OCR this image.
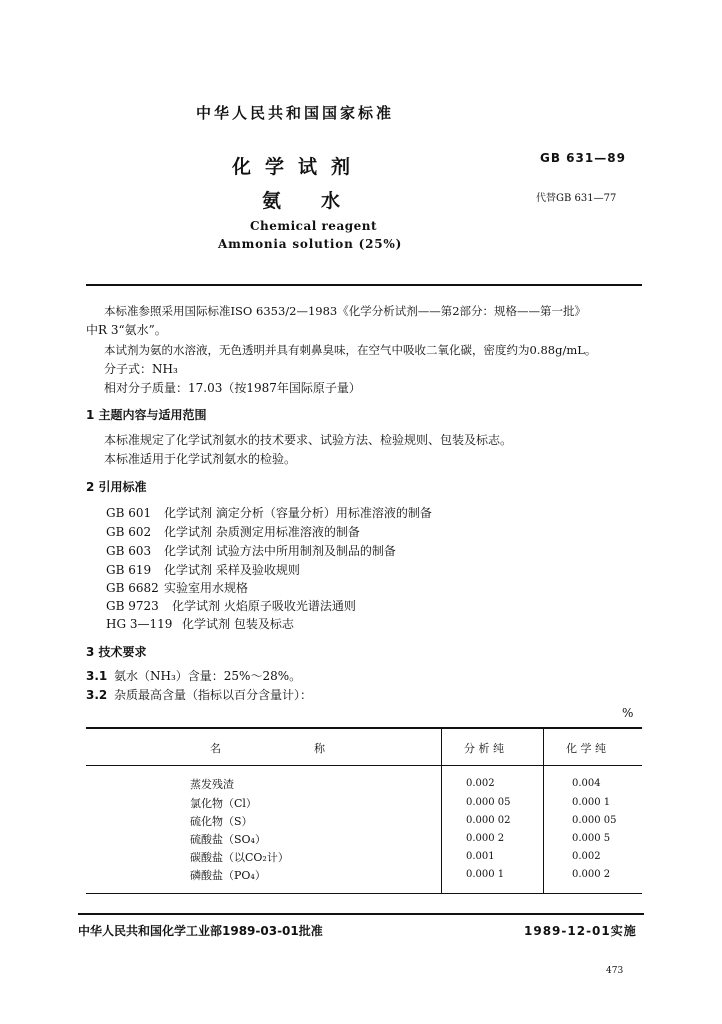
中华人民共和国国家标准
化学试剂
氨水
Chemical reagent
Ammonia solution (25%)
GB 631—89
代替GB 631—77
本标准参照采用国际标准ISO 6353/2—1983《化学分析试剂——第2部分：规格——第一批》
中R 3“氨水”。
本试剂为氨的水溶液，无色透明并具有刺鼻臭味，在空气中吸收二氧化碳，密度约为0.88g/mL。
分子式：NH₃
相对分子质量：17.03（按1987年国际原子量）
1 主题内容与适用范围
本标准规定了化学试剂氨水的技术要求、试验方法、检验规则、包装及标志。
本标准适用于化学试剂氨水的检验。
2 引用标准
GB 601 化学试剂 滴定分析（容量分析）用标准溶液的制备
GB 602 化学试剂 杂质测定用标准溶液的制备
GB 603 化学试剂 试验方法中所用制剂及制品的制备
GB 619 化学试剂 采样及验收规则
GB 6682 实验室用水规格
GB 9723 化学试剂 火焰原子吸收光谱法通则
HG 3—119 化学试剂 包装及标志
3 技术要求
3.1 氨水（NH₃）含量：25%～28%。
3.2 杂质最高含量（指标以百分含量计）：
%
名	称	分 析 纯	化 学 纯
蒸发残渣	0.002	0.004
氯化物（Cl）	0.000 05	0.000 1
硫化物（S）	0.000 02	0.000 05
硫酸盐（SO₄）	0.000 2	0.000 5
碳酸盐（以CO₂计）	0.001	0.002
磷酸盐（PO₄）	0.000 1	0.000 2
中华人民共和国化学工业部1989-03-01批准	1989-12-01实施
473
